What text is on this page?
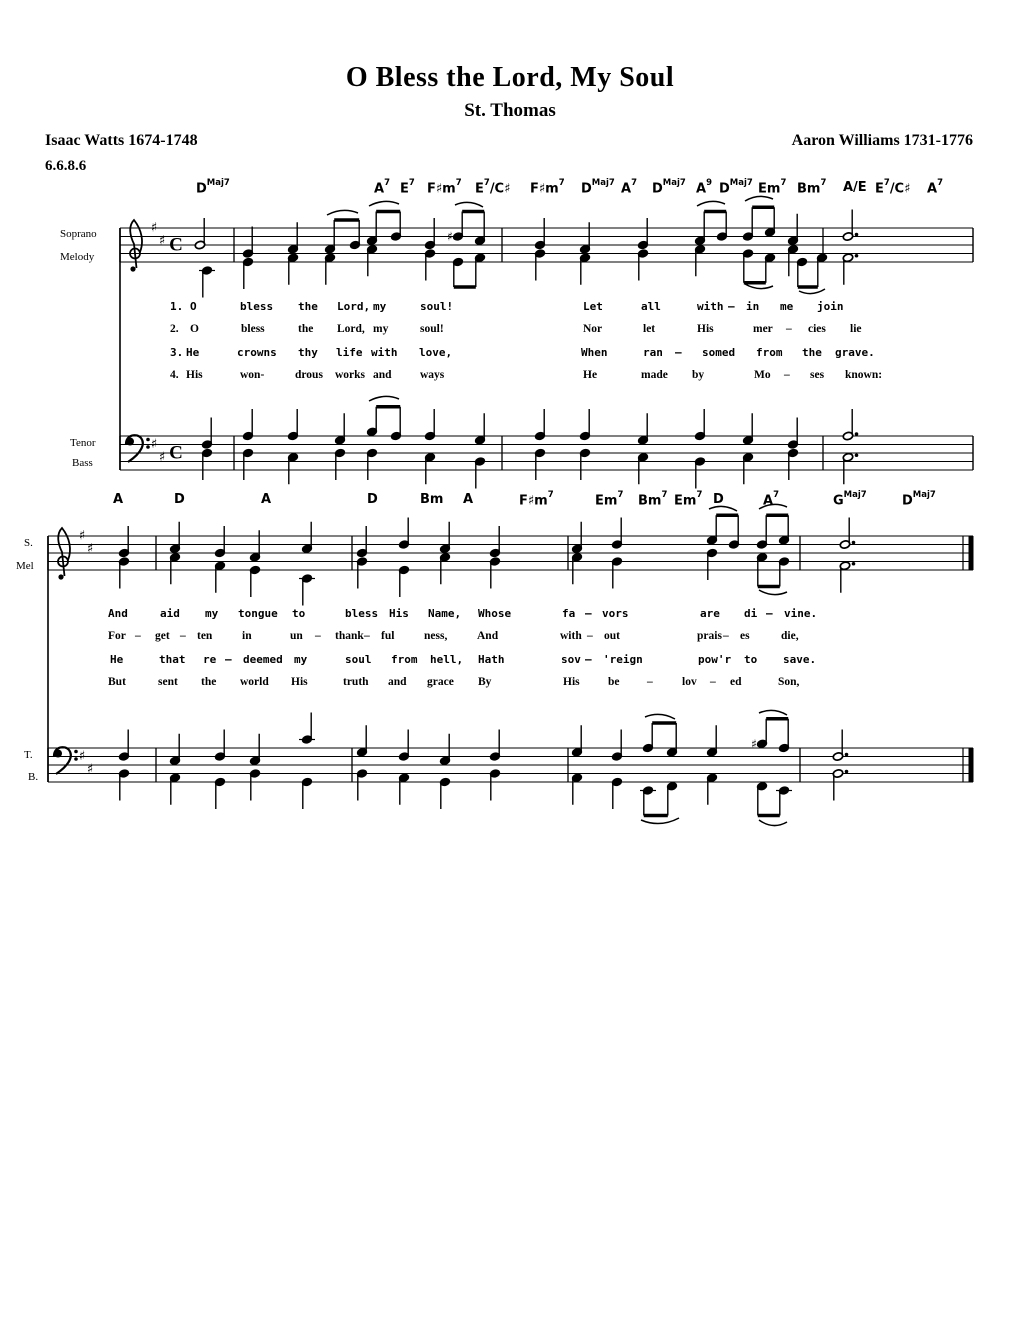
♯
♯ C	♯
♯
♯ C
♯
♯
♯
♯
♯
O Bless the Lord, My Soul
St. Thomas
Isaac Watts 1674-1748	Aaron Williams 1731-1776
6.6.8.6
$D^{Maj7}$	$A^7$ $E^7$ $F♯m^7$ $E^7/C♯$ $F♯m^7$ $D^{Maj7}$ $A^7$ $D^{Maj7}$ $A^9$ $D^{Maj7}$ Em$^7$ Bm$^7$ A/E $E^7/C♯$ $A^7$
A	D	A	D	Bm A	$F♯m^7$	Em$^7$ Bm$^7$ Em$^7$ D	$A^7$	$G^{Maj7}$	$D^{Maj7}$
1. O	bless the Lord, my	soul!	Let	all	with – in me join
2. O	bless	the Lord, my	soul!	Nor	let	His	mer – cies lie
3. He	crowns thy life with love,	When	ran – somed from the grave.
4. His	won-	drous works and ways	He	made by	Mo – ses known:
And	aid my tongue to	bless His Name, Whose	fa – vors	are di – vine.
For – get – ten	in	un – thank – ful	ness,	And	with – out	prais – es	die,
He	that re – deemed my	soul from hell, Hath	sov – 'reign	pow'r to save.
But	sent the world His	truth and grace By	His be –	lov – ed	Son,
Soprano
Melody
Tenor
Bass
S.
Mel
T.
B.
